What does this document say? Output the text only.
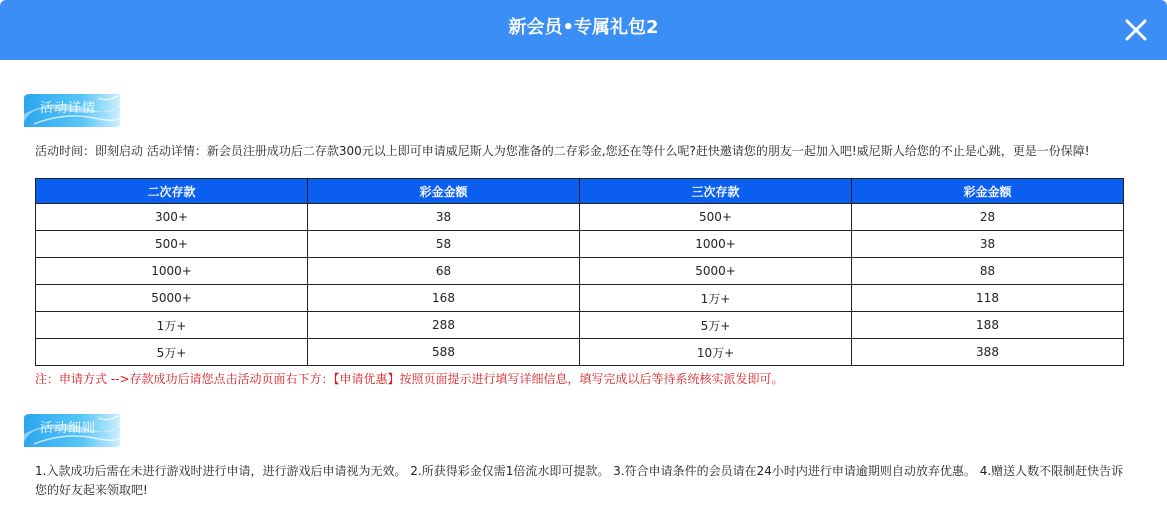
新会员•专属礼包2
活动详情
活动时间：即刻启动 活动详情：新会员注册成功后二存款300元以上即可申请威尼斯人为您准备的二存彩金,您还在等什么呢?赶快邀请您的朋友一起加入吧!威尼斯人给您的不止是心跳，更是一份保障!
二次存款	彩金金额	三次存款	彩金金额
300+	38	500+	28
500+	58	1000+	38
1000+	68	5000+	88
5000+	168	1万+	118
1万+	288	5万+	188
5万+	588	10万+	388
注：申请方式 -->存款成功后请您点击活动页面右下方：【申请优惠】按照页面提示进行填写详细信息，填写完成以后等待系统核实派发即可。
活动细则
1.入款成功后需在未进行游戏时进行申请，进行游戏后申请视为无效。 2.所获得彩金仅需1倍流水即可提款。 3.符合申请条件的会员请在24小时内进行申请逾期则自动放弃优惠。 4.赠送人数不限制赶快告诉您的好友起来领取吧!
